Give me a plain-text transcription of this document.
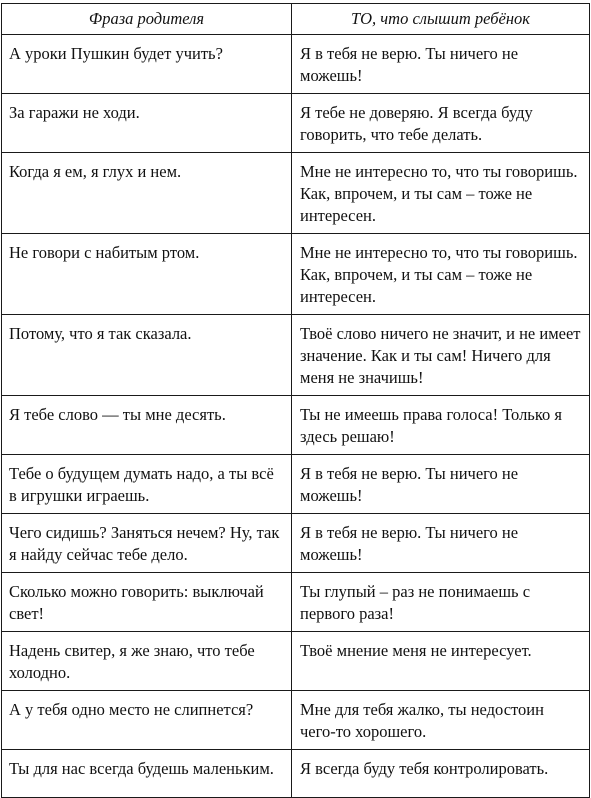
Фраза родителя	ТО, что слышит ребёнок
А уроки Пушкин будет учить?	Я в тебя не верю. Ты ничего не можешь!
За гаражи не ходи.	Я тебе не доверяю. Я всегда буду говорить, что тебе делать.
Когда я ем, я глух и нем.	Мне не интересно то, что ты говоришь. Как, впрочем, и ты сам – тоже не интересен.
Не говори с набитым ртом.	Мне не интересно то, что ты говоришь. Как, впрочем, и ты сам – тоже не интересен.
Потому, что я так сказала.	Твоё слово ничего не значит, и не имеет значение. Как и ты сам! Ничего для меня не значишь!
Я тебе слово — ты мне десять.	Ты не имеешь права голоса! Только я здесь решаю!
Тебе о будущем думать надо, а ты всё в игрушки играешь.	Я в тебя не верю. Ты ничего не можешь!
Чего сидишь? Заняться нечем? Ну, так я найду сейчас тебе дело.	Я в тебя не верю. Ты ничего не можешь!
Сколько можно говорить: выключай свет!	Ты глупый – раз не понимаешь с первого раза!
Надень свитер, я же знаю, что тебе холодно.	Твоё мнение меня не интересует.
А у тебя одно место не слипнется?	Мне для тебя жалко, ты недостоин чего-то хорошего.
Ты для нас всегда будешь маленьким.	Я всегда буду тебя контролировать.
